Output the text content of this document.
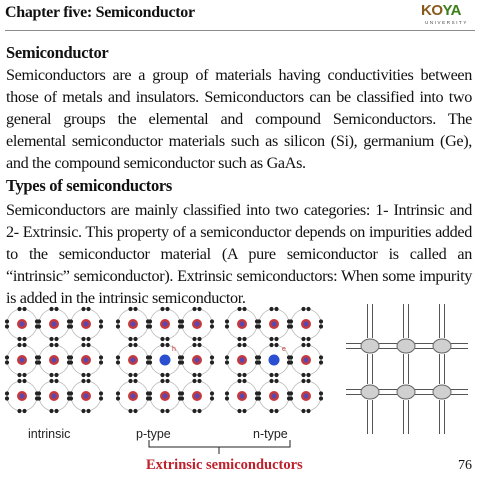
Chapter five: Semiconductor	KOYA
UNIVERSITY
Semiconductor
Semiconductors are a group of materials having conductivities between those of metals and insulators. Semiconductors can be classified into two general groups the elemental and compound Semiconductors. The elemental semiconductor materials such as silicon (Si), germanium (Ge), and the compound semiconductor such as GaAs.
Types of semiconductors
Semiconductors are mainly classified into two categories: 1- Intrinsic and 2- Extrinsic. This property of a semiconductor depends on impurities added to the semiconductor material (A pure semiconductor is called an “intrinsic” semiconductor). Extrinsic semiconductors: When some impurity is added in the intrinsic semiconductor.
h	e
intrinsic	p-type	n-type
Extrinsic semiconductors	76
